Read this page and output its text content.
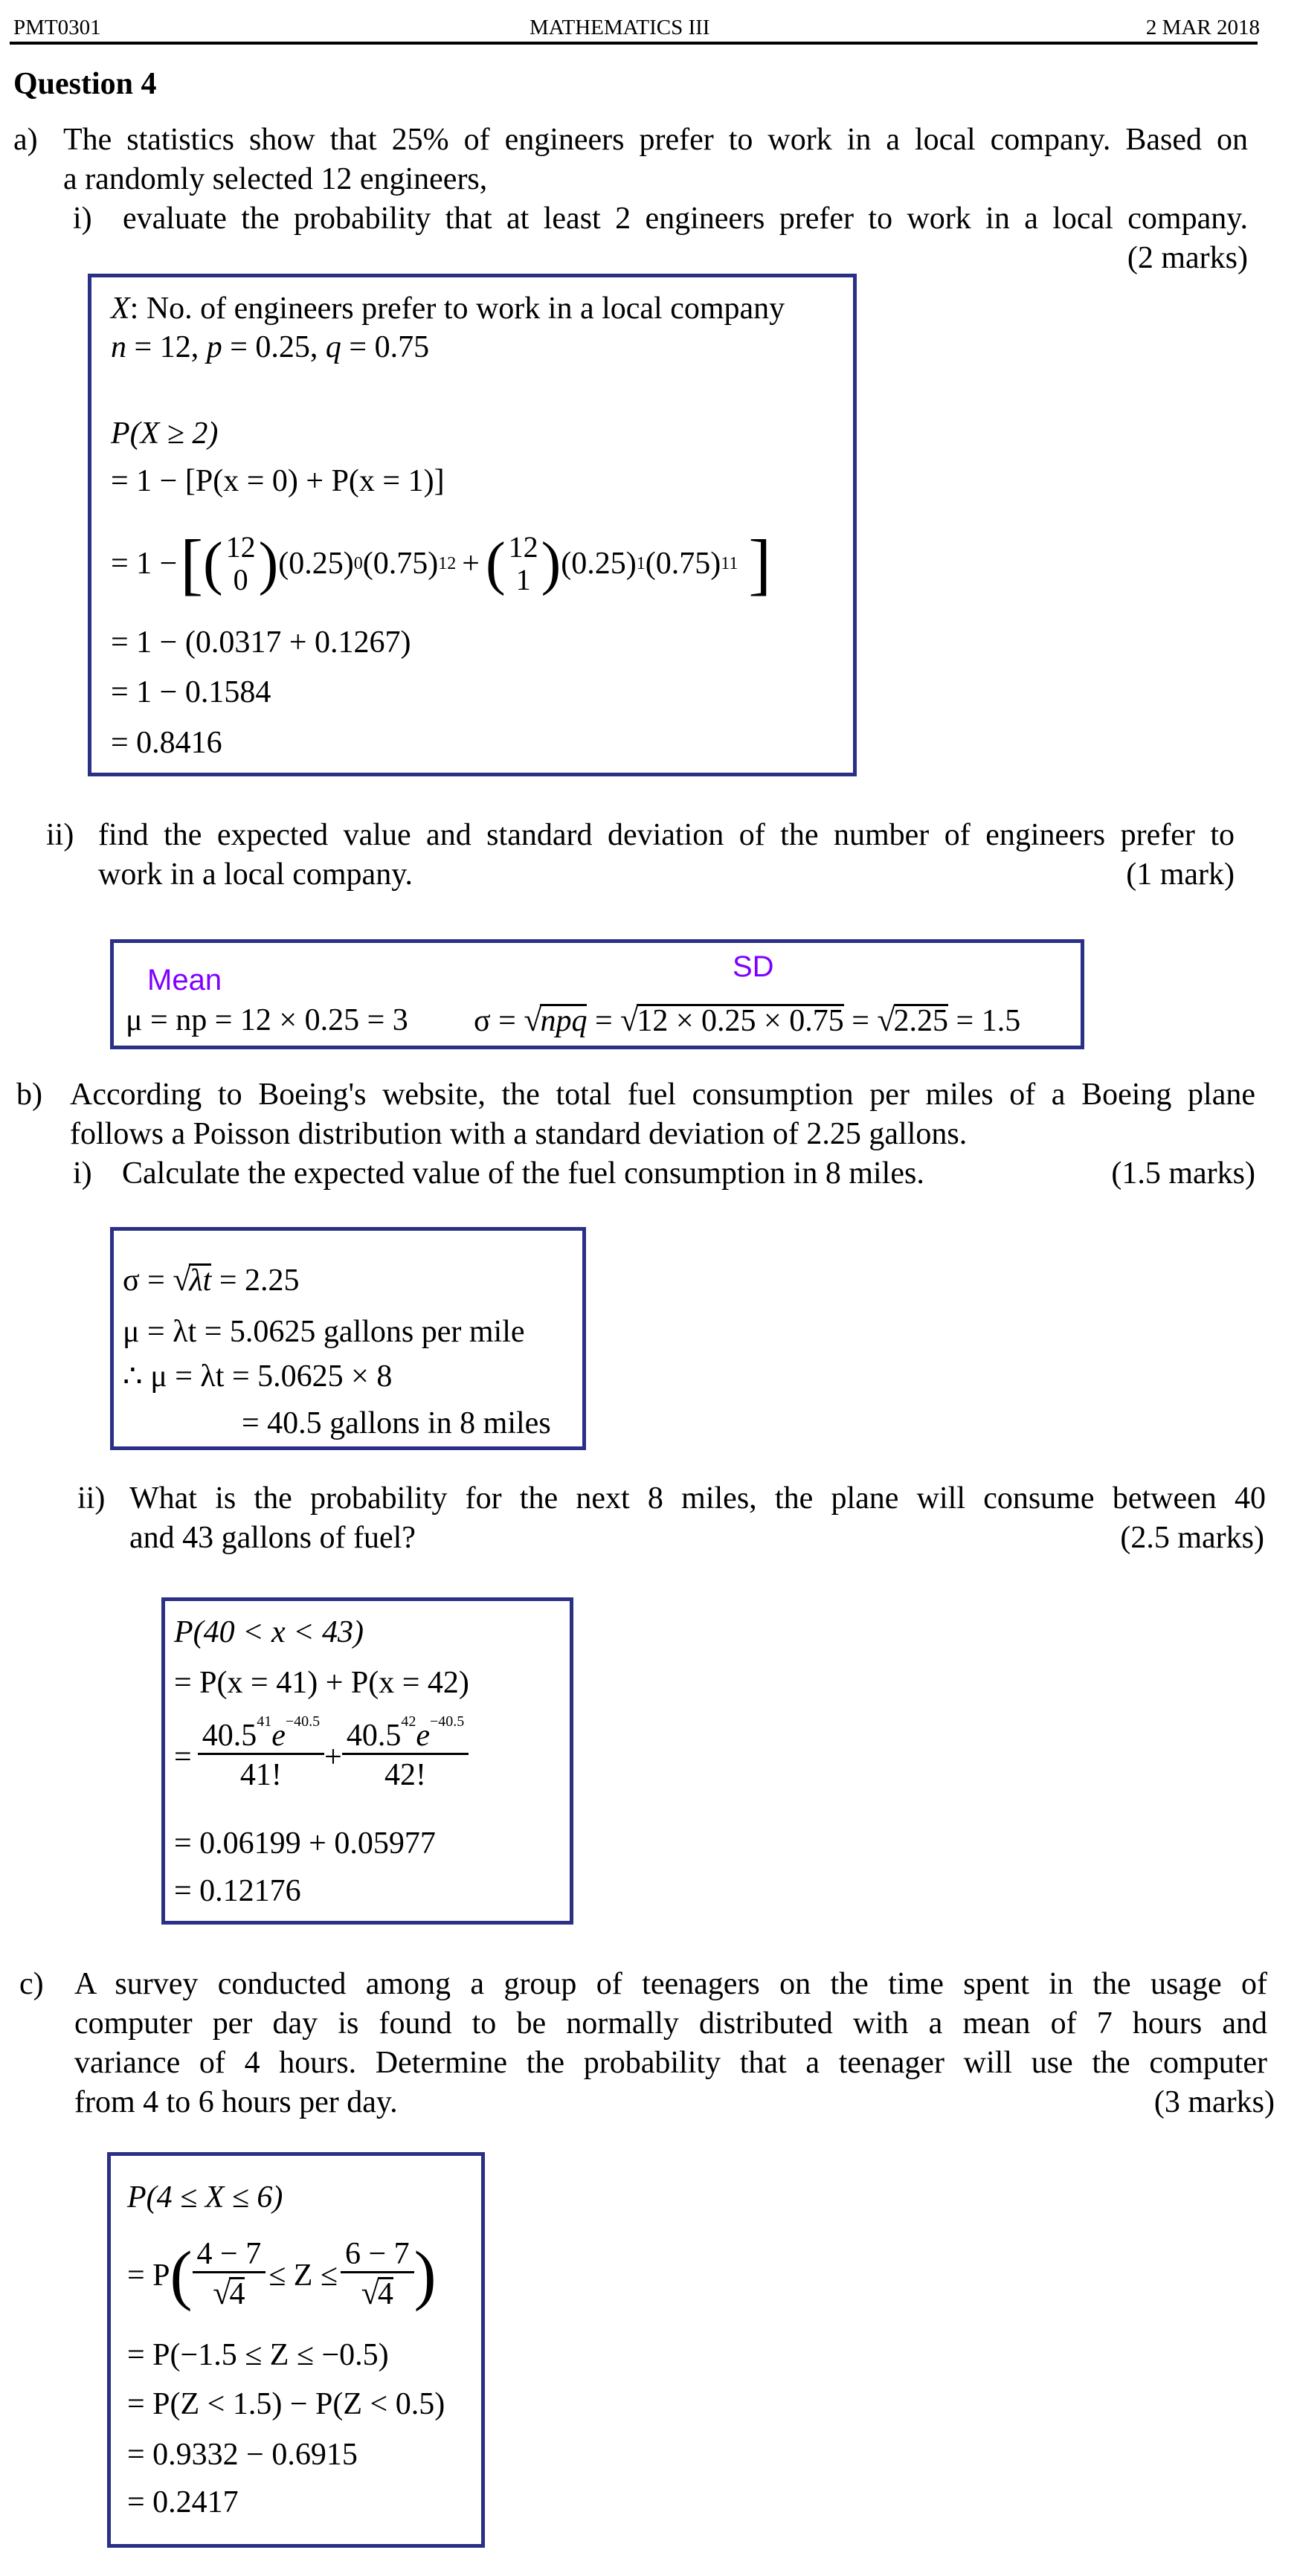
PMT0301	MATHEMATICS III	2 MAR 2018
Question 4
a) The statistics show that 25% of engineers prefer to work in a local company. Based on
a randomly selected 12 engineers,
i) evaluate the probability that at least 2 engineers prefer to work in a local company.
(2 marks)
X: No. of engineers prefer to work in a local company
n = 12, p = 0.25, q = 0.75
P(X ≥ 2)
= 1 − [P(x = 0) + P(x = 1)]
= 1 − [ ( 12
0 ) (0.25) 0 (0.75) 12 + ( 12
1 ) (0.25) 1 (0.75) 11 ]
= 1 − (0.0317 + 0.1267)
= 1 − 0.1584
= 0.8416
ii) find the expected value and standard deviation of the number of engineers prefer to
work in a local company.	(1 mark)
Mean	SD
μ = np = 12 × 0.25 = 3 σ = √npq = √12 × 0.25 × 0.75 = √2.25 = 1.5
b) According to Boeing's website, the total fuel consumption per miles of a Boeing plane
follows a Poisson distribution with a standard deviation of 2.25 gallons.
i) Calculate the expected value of the fuel consumption in 8 miles.	(1.5 marks)
σ = √λt = 2.25
μ = λt = 5.0625 gallons per mile
∴ μ = λt = 5.0625 × 8
= 40.5 gallons in 8 miles
ii) What is the probability for the next 8 miles, the plane will consume between 40
and 43 gallons of fuel?	(2.5 marks)
P(40 < x < 43)
= P(x = 41) + P(x = 42)
= $\frac{40.5^{41}e^{-40.5}}{41!} + \frac{40.5^{42}e^{-40.5}}{42!}$
= 0.06199 + 0.05977
= 0.12176
c) A survey conducted among a group of teenagers on the time spent in the usage of
computer per day is found to be normally distributed with a mean of 7 hours and
variance of 4 hours. Determine the probability that a teenager will use the computer
from 4 to 6 hours per day.	(3 marks)
P(4 ≤ X ≤ 6)
= P ( $\frac{4 - 7}{√4} \le Z \le \frac{6 - 7}{√4}$ )
= P(−1.5 ≤ Z ≤ −0.5)
= P(Z < 1.5) − P(Z < 0.5)
= 0.9332 − 0.6915
= 0.2417
